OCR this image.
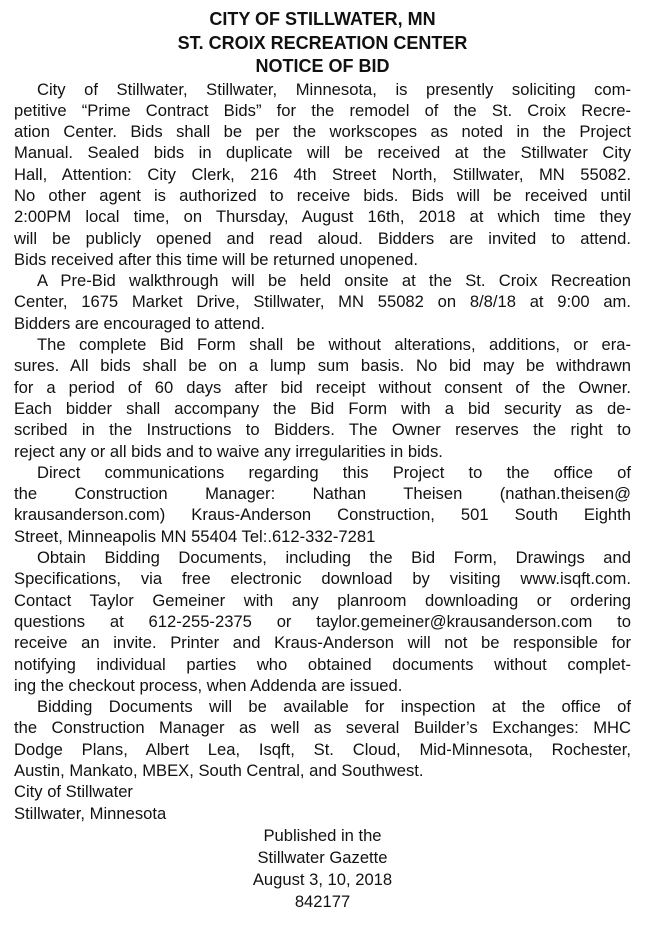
CITY OF STILLWATER, MN
ST. CROIX RECREATION CENTER
NOTICE OF BID
City of Stillwater, Stillwater, Minnesota, is presently soliciting com-
petitive “Prime Contract Bids” for the remodel of the St. Croix Recre-
ation Center. Bids shall be per the workscopes as noted in the Project
Manual. Sealed bids in duplicate will be received at the Stillwater City
Hall, Attention: City Clerk, 216 4th Street North, Stillwater, MN 55082.
No other agent is authorized to receive bids. Bids will be received until
2:00PM local time, on Thursday, August 16th, 2018 at which time they
will be publicly opened and read aloud. Bidders are invited to attend.
Bids received after this time will be returned unopened.
A Pre-Bid walkthrough will be held onsite at the St. Croix Recreation
Center, 1675 Market Drive, Stillwater, MN 55082 on 8/8/18 at 9:00 am.
Bidders are encouraged to attend.
The complete Bid Form shall be without alterations, additions, or era-
sures. All bids shall be on a lump sum basis. No bid may be withdrawn
for a period of 60 days after bid receipt without consent of the Owner.
Each bidder shall accompany the Bid Form with a bid security as de-
scribed in the Instructions to Bidders. The Owner reserves the right to
reject any or all bids and to waive any irregularities in bids.
Direct communications regarding this Project to the office of
the Construction Manager: Nathan Theisen (nathan.theisen@
krausanderson.com) Kraus-Anderson Construction, 501 South Eighth
Street, Minneapolis MN 55404 Tel:.612-332-7281
Obtain Bidding Documents, including the Bid Form, Drawings and
Specifications, via free electronic download by visiting www.isqft.com.
Contact Taylor Gemeiner with any planroom downloading or ordering
questions at 612-255-2375 or taylor.gemeiner@krausanderson.com to
receive an invite. Printer and Kraus-Anderson will not be responsible for
notifying individual parties who obtained documents without complet-
ing the checkout process, when Addenda are issued.
Bidding Documents will be available for inspection at the office of
the Construction Manager as well as several Builder’s Exchanges: MHC
Dodge Plans, Albert Lea, Isqft, St. Cloud, Mid-Minnesota, Rochester,
Austin, Mankato, MBEX, South Central, and Southwest.
City of Stillwater
Stillwater, Minnesota
Published in the
Stillwater Gazette
August 3, 10, 2018
842177
